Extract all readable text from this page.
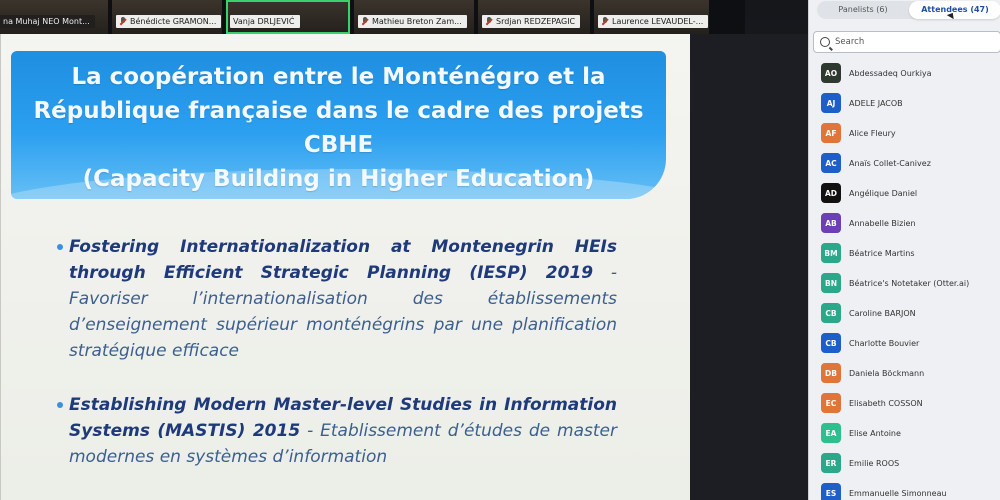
na Muhaj NEO Mont...	Bénédicte GRAMON... Vanja DRLJEVIĆ	Mathieu Breton Zam...	Srdjan REDZEPAGIC	Laurence LEVAUDEL-...
La coopération entre le Monténégro et la
République française dans le cadre des projets CBHE
(Capacity Building in Higher Education)
Fostering Internationalization at Montenegrin HEIs through Efficient Strategic Planning (IESP) 2019 - Favoriser l’internationalisation des établissements d’enseignement supérieur monténégrins par une planification stratégique efficace
Establishing Modern Master-level Studies in Information Systems (MASTIS) 2015 - Etablissement d’études de master modernes en systèmes d’information
Panelists (6)	Attendees (47)
Search
AO	Abdessadeq Ourkiya
AJ	ADELE JACOB
AF	Alice Fleury
AC	Anaïs Collet-Canivez
AD	Angélique Daniel
AB	Annabelle Bizien
BM	Béatrice Martins
BN	Béatrice's Notetaker (Otter.ai)
CB	Caroline BARJON
CB	Charlotte Bouvier
DB	Daniela Böckmann
EC	Elisabeth COSSON
EA	Elise Antoine
ER	Emilie ROOS
ES	Emmanuelle Simonneau
